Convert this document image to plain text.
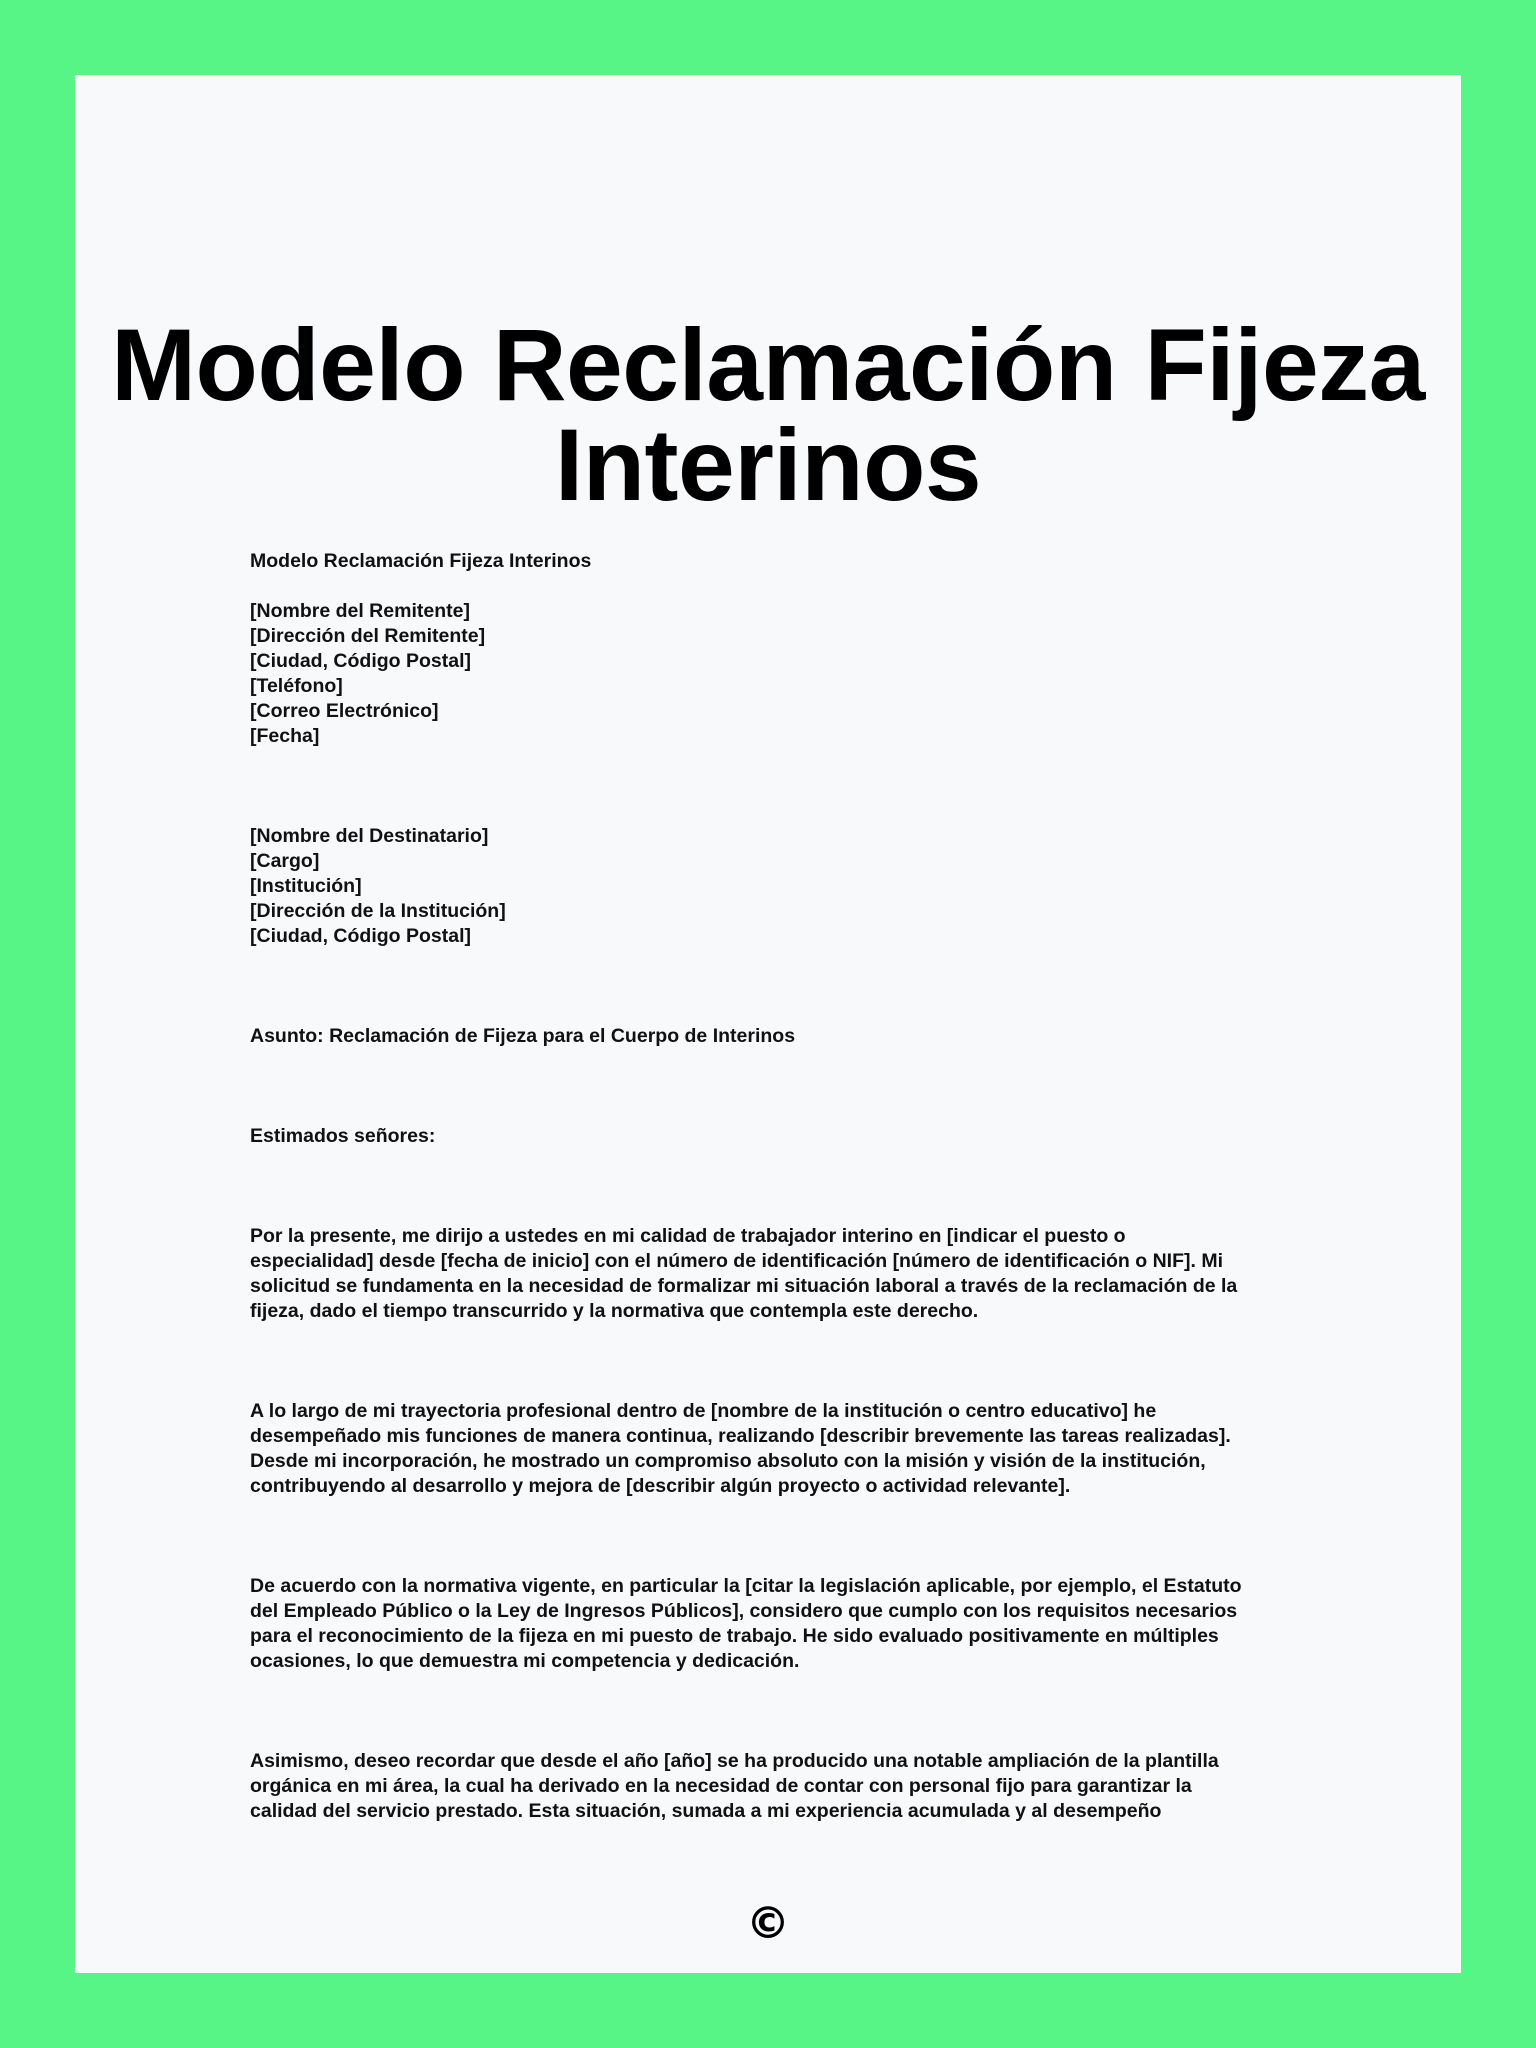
Modelo Reclamación Fijeza
Interinos

Modelo Reclamación Fijeza Interinos

[Nombre del Remitente]
[Dirección del Remitente]
[Ciudad, Código Postal]
[Teléfono]
[Correo Electrónico]
[Fecha]
[Nombre del Destinatario]
[Cargo]
[Institución]
[Dirección de la Institución]
[Ciudad, Código Postal]

Asunto: Reclamación de Fijeza para el Cuerpo de Interinos

Estimados señores:

Por la presente, me dirijo a ustedes en mi calidad de trabajador interino en [indicar el puesto o
especialidad] desde [fecha de inicio] con el número de identificación [número de identificación o NIF]. Mi
solicitud se fundamenta en la necesidad de formalizar mi situación laboral a través de la reclamación de la
fijeza, dado el tiempo transcurrido y la normativa que contempla este derecho.
A lo largo de mi trayectoria profesional dentro de [nombre de la institución o centro educativo] he
desempeñado mis funciones de manera continua, realizando [describir brevemente las tareas realizadas].
Desde mi incorporación, he mostrado un compromiso absoluto con la misión y visión de la institución,
contribuyendo al desarrollo y mejora de [describir algún proyecto o actividad relevante].
De acuerdo con la normativa vigente, en particular la [citar la legislación aplicable, por ejemplo, el Estatuto
del Empleado Público o la Ley de Ingresos Públicos], considero que cumplo con los requisitos necesarios
para el reconocimiento de la fijeza en mi puesto de trabajo. He sido evaluado positivamente en múltiples
ocasiones, lo que demuestra mi competencia y dedicación.
Asimismo, deseo recordar que desde el año [año] se ha producido una notable ampliación de la plantilla
orgánica en mi área, la cual ha derivado en la necesidad de contar con personal fijo para garantizar la
calidad del servicio prestado. Esta situación, sumada a mi experiencia acumulada y al desempeño
©
